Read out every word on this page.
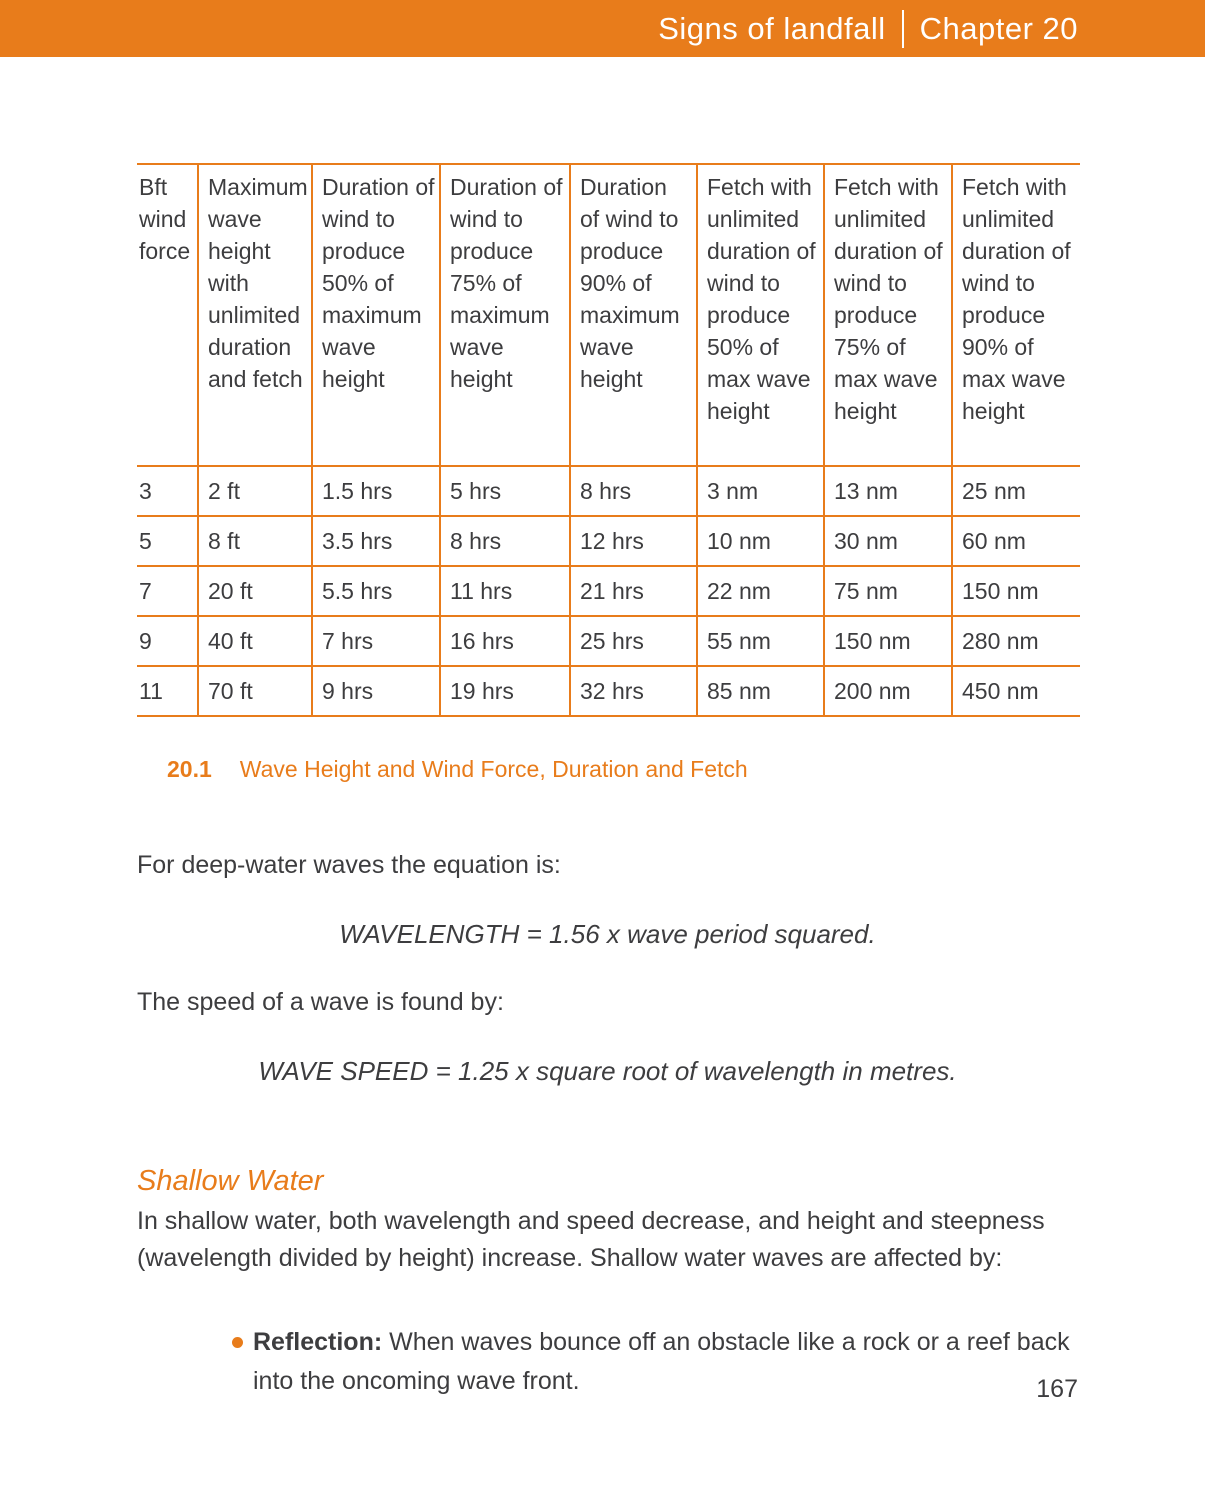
Signs of landfall Chapter 20
Bft wind force	Maximum wave height with unlimited duration and fetch	Duration of wind to produce 50% of maximum wave height	Duration of wind to produce 75% of maximum wave height	Duration of wind to produce 90% of maximum wave height	Fetch with unlimited duration of wind to produce 50% of max wave height	Fetch with unlimited duration of wind to produce 75% of max wave height	Fetch with unlimited duration of wind to produce 90% of max wave height
3	2 ft	1.5 hrs	5 hrs	8 hrs	3 nm	13 nm	25 nm
5	8 ft	3.5 hrs	8 hrs	12 hrs	10 nm	30 nm	60 nm
7	20 ft	5.5 hrs	11 hrs	21 hrs	22 nm	75 nm	150 nm
9	40 ft	7 hrs	16 hrs	25 hrs	55 nm	150 nm	280 nm
11	70 ft	9 hrs	19 hrs	32 hrs	85 nm	200 nm	450 nm
20.1 Wave Height and Wind Force, Duration and Fetch

For deep-water waves the equation is:

WAVELENGTH = 1.56 x wave period squared.

The speed of a wave is found by:

WAVE SPEED = 1.25 x square root of wavelength in metres.

Shallow Water

In shallow water, both wavelength and speed decrease, and height and steepness (wavelength divided by height) increase. Shallow water waves are affected by:

Reflection: When waves bounce off an obstacle like a rock or a reef back into the oncoming wave front.	167
